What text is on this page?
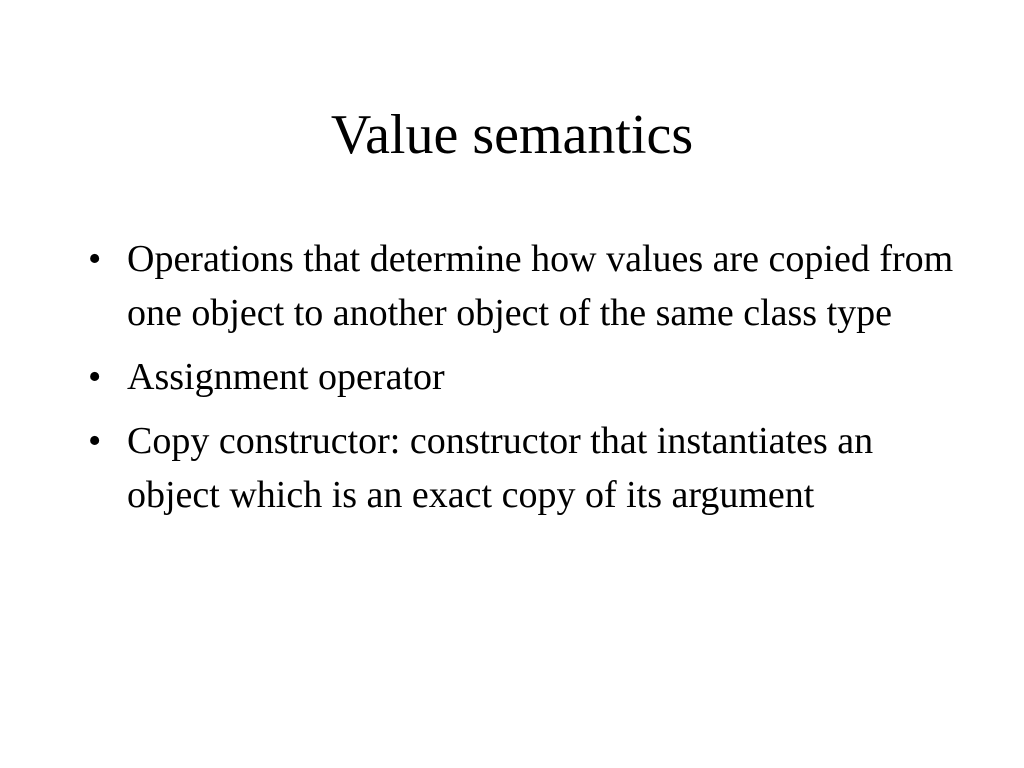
Value semantics
• Operations that determine how values are copied from one object to another object of the same class type
• Assignment operator
• Copy constructor: constructor that instantiates an object which is an exact copy of its argument
